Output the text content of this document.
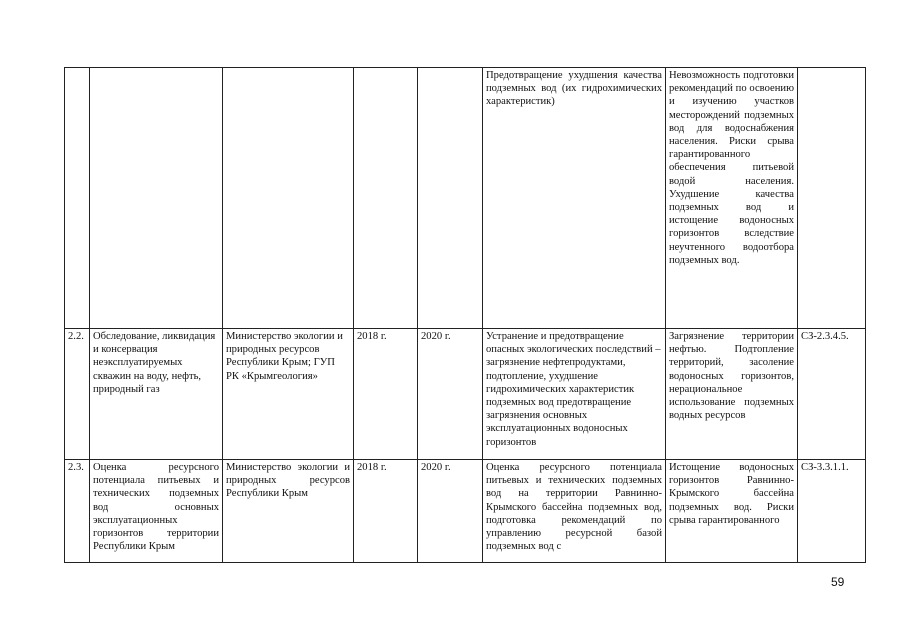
					Предотвращение ухудшения качества подземных вод (их гидрохимических характеристик)	Невозможность подготовки рекомендаций по освоению и изучению участков месторождений подземных вод для водоснабжения населения. Риски срыва гарантированного обеспечения питьевой водой населения. Ухудшение качества подземных вод и истощение водоносных горизонтов вследствие неучтенного водоотбора подземных вод.	

2.2.	Обследование, ликвидация и консервация неэксплуатируемых скважин на воду, нефть, природный газ	Министерство экологии и природных ресурсов Республики Крым; ГУП РК «Крымгеология»	2018 г.	2020 г.	Устранение и предотвращение опасных экологических последствий – загрязнение нефтепродуктами, подтопление, ухудшение гидрохимических характеристик подземных вод предотвращение загрязнения основных эксплуатационных водоносных горизонтов	Загрязнение территории нефтью. Подтопление территорий, засоление водоносных горизонтов, нерациональное использование подземных водных ресурсов	СЗ-2.3.4.5.

2.3.	Оценка ресурсного потенциала питьевых и технических подземных вод основных эксплуатационных горизонтов территории Республики Крым	Министерство экологии и природных ресурсов Республики Крым	2018 г.	2020 г.	Оценка ресурсного потенциала питьевых и технических подземных вод на территории Равнинно-Крымского бассейна подземных вод, подготовка рекомендаций по управлению ресурсной базой подземных вод с	Истощение водоносных горизонтов Равнинно-Крымского бассейна подземных вод. Риски срыва гарантированного	СЗ-3.3.1.1.
59
